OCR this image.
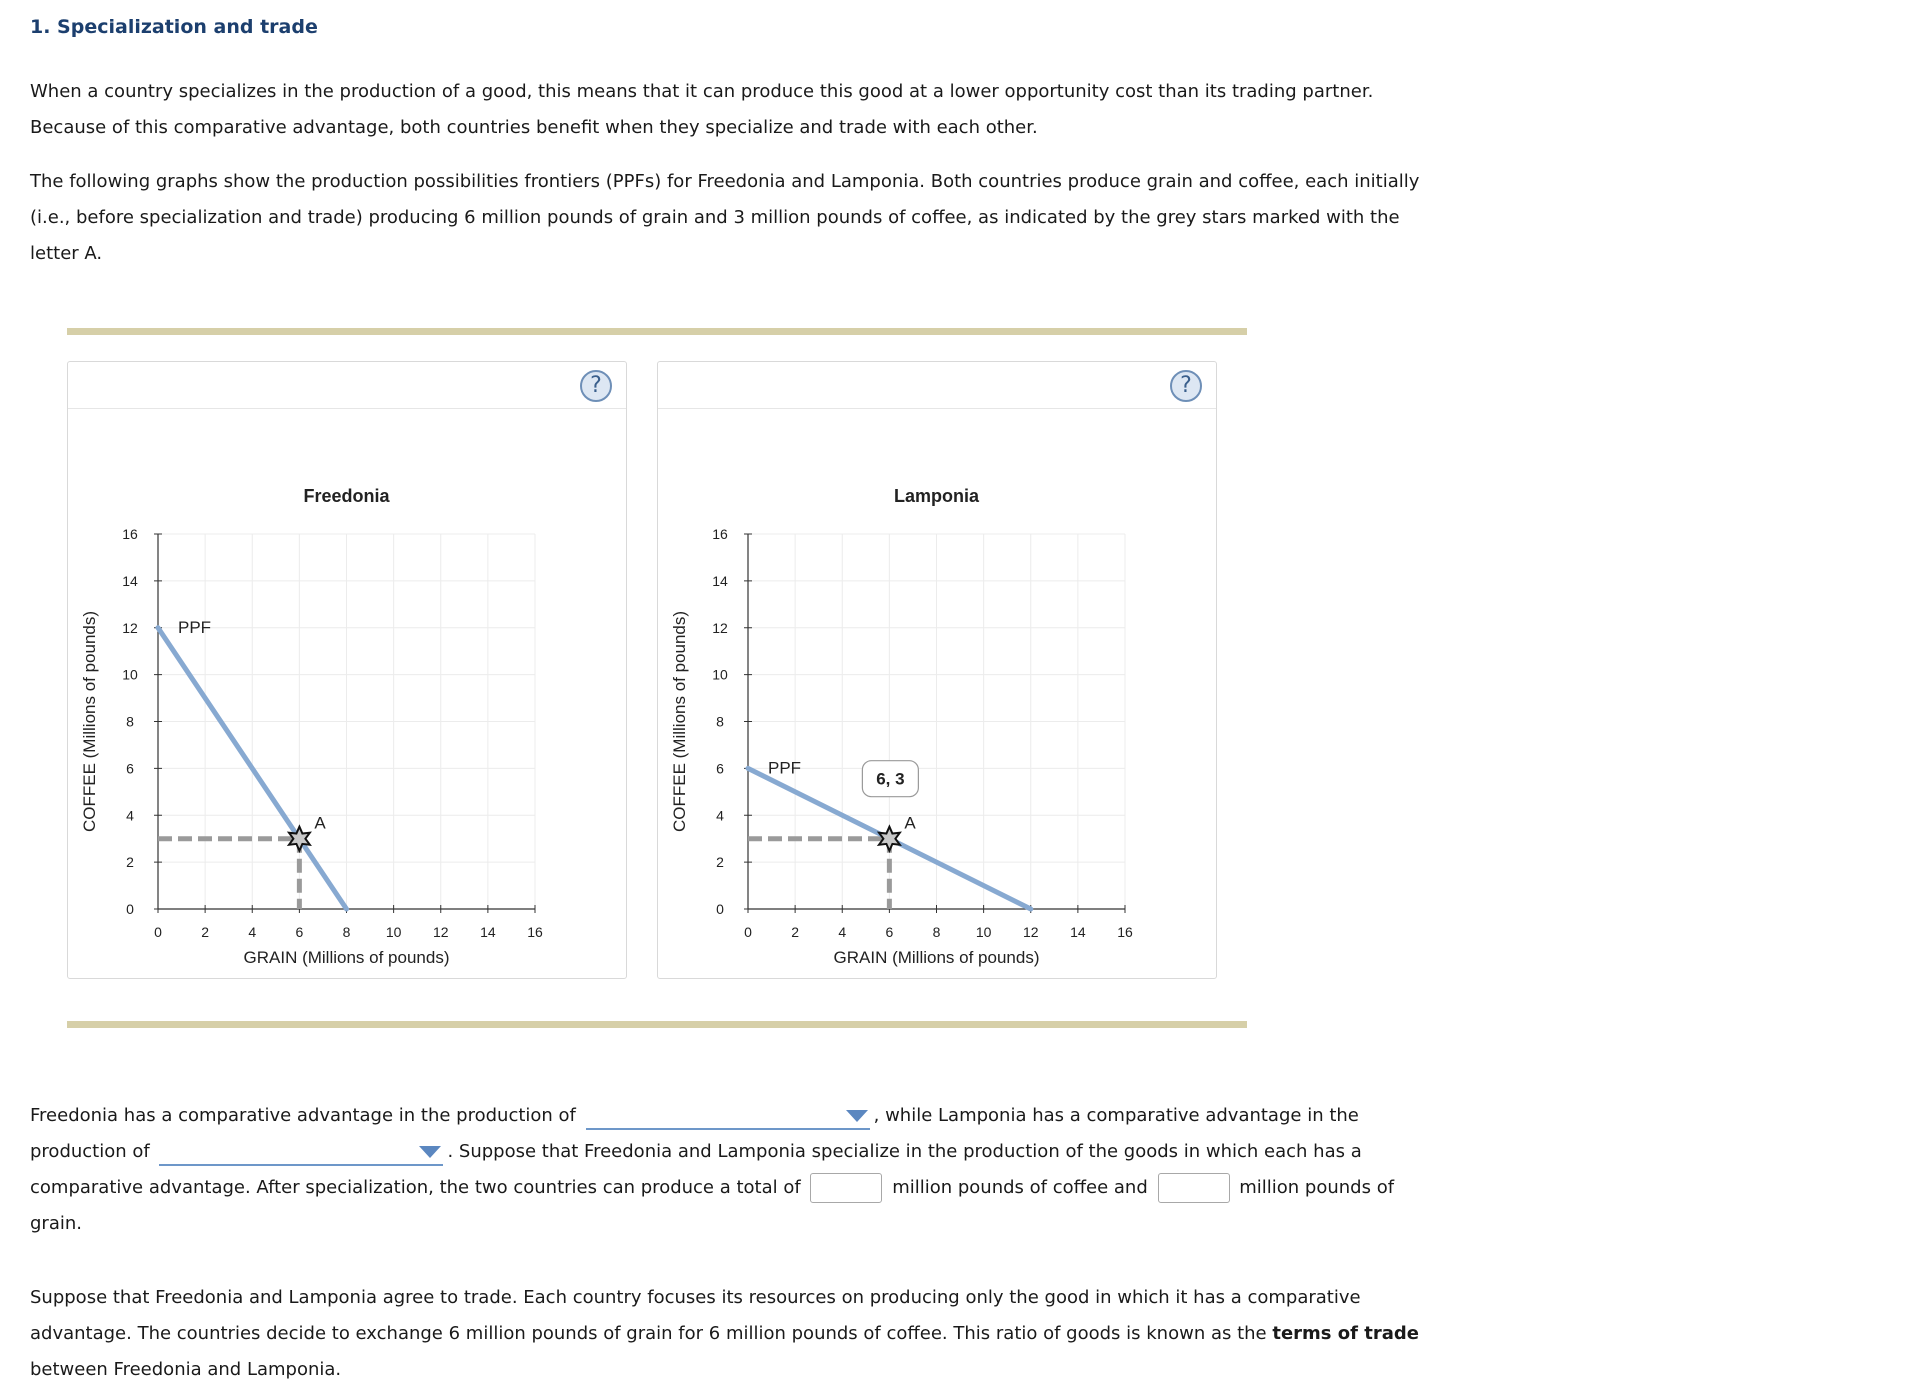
1. Specialization and trade

When a country specializes in the production of a good, this means that it can produce this good at a lower opportunity cost than its trading partner. Because of this comparative advantage, both countries benefit when they specialize and trade with each other.

The following graphs show the production possibilities frontiers (PPFs) for Freedonia and Lamponia. Both countries produce grain and coffee, each initially (i.e., before specialization and trade) producing 6 million pounds of grain and 3 million pounds of coffee, as indicated by the grey stars marked with the letter A.

?
Freedonia
0
2
4
6
8
10
12
14
16
0	2	4	6	8	10 12 14 16
GRAIN (Millions of pounds)
COFFEE (Millions of pounds)	PPF
A
?
Lamponia
0
2
4
6
8
10
12
14
16
0	2	4	6	8	10 12 14 16
GRAIN (Millions of pounds)
COFFEE (Millions of pounds)	PPF
A
6, 3

Freedonia has a comparative advantage in the production of	, while Lamponia has a comparative advantage in the production of	. Suppose that Freedonia and Lamponia specialize in the production of the goods in which each has a comparative advantage. After specialization, the two countries can produce a total of	million pounds of coffee and	million pounds of grain.

Suppose that Freedonia and Lamponia agree to trade. Each country focuses its resources on producing only the good in which it has a comparative advantage. The countries decide to exchange 6 million pounds of grain for 6 million pounds of coffee. This ratio of goods is known as the terms of trade between Freedonia and Lamponia.
